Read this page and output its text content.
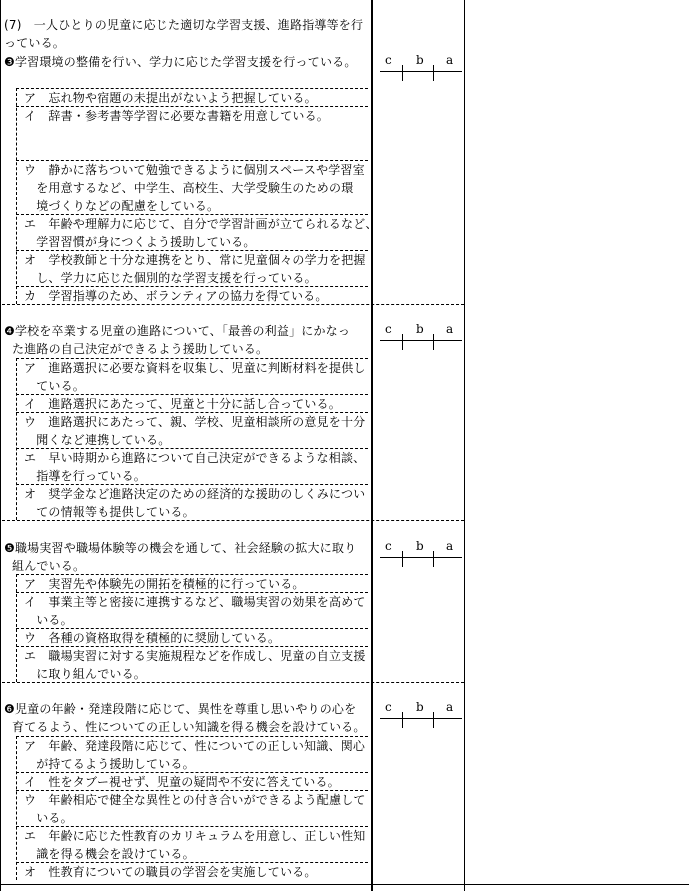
(7)　一人ひとりの児童に応じた適切な学習支援、進路指導等を行
っている。
❸学習環境の整備を行い、学力に応じた学習支援を行っている。 c b a
ア　忘れ物や宿題の未提出がないよう把握している。
イ　辞書・参考書等学習に必要な書籍を用意している。
ウ　静かに落ちついて勉強できるように個別スペースや学習室
　を用意するなど、中学生、高校生、大学受験生のための環
　境づくりなどの配慮をしている。
エ　年齢や理解力に応じて、自分で学習計画が立てられるなど、
　学習習慣が身につくよう援助している。
オ　学校教師と十分な連携をとり、常に児童個々の学力を把握
　し、学力に応じた個別的な学習支援を行っている。
カ　学習指導のため、ボランティアの協力を得ている。
❹学校を卒業する児童の進路について、「最善の利益」にかなっ
た進路の自己決定ができるよう援助している。
c b a
ア　進路選択に必要な資料を収集し、児童に判断材料を提供し
　ている。
イ　進路選択にあたって、児童と十分に話し合っている。
ウ　進路選択にあたって、親、学校、児童相談所の意見を十分
　聞くなど連携している。
エ　早い時期から進路について自己決定ができるような相談、
　指導を行っている。
オ　奨学金など進路決定のための経済的な援助のしくみについ
　ての情報等も提供している。
❺職場実習や職場体験等の機会を通して、社会経験の拡大に取り
組んでいる。
c b a
ア　実習先や体験先の開拓を積極的に行っている。
イ　事業主等と密接に連携するなど、職場実習の効果を高めて
　いる。
ウ　各種の資格取得を積極的に奨励している。
エ　職場実習に対する実施規程などを作成し、児童の自立支援
　に取り組んでいる。
❻児童の年齢・発達段階に応じて、異性を尊重し思いやりの心を
育てるよう、性についての正しい知識を得る機会を設けている。
c b a
ア　年齢、発達段階に応じて、性についての正しい知識、関心
　が持てるよう援助している。
イ　性をタブー視せず、児童の疑問や不安に答えている。
ウ　年齢相応で健全な異性との付き合いができるよう配慮して
　いる。
エ　年齢に応じた性教育のカリキュラムを用意し、正しい性知
　識を得る機会を設けている。
オ　性教育についての職員の学習会を実施している。
